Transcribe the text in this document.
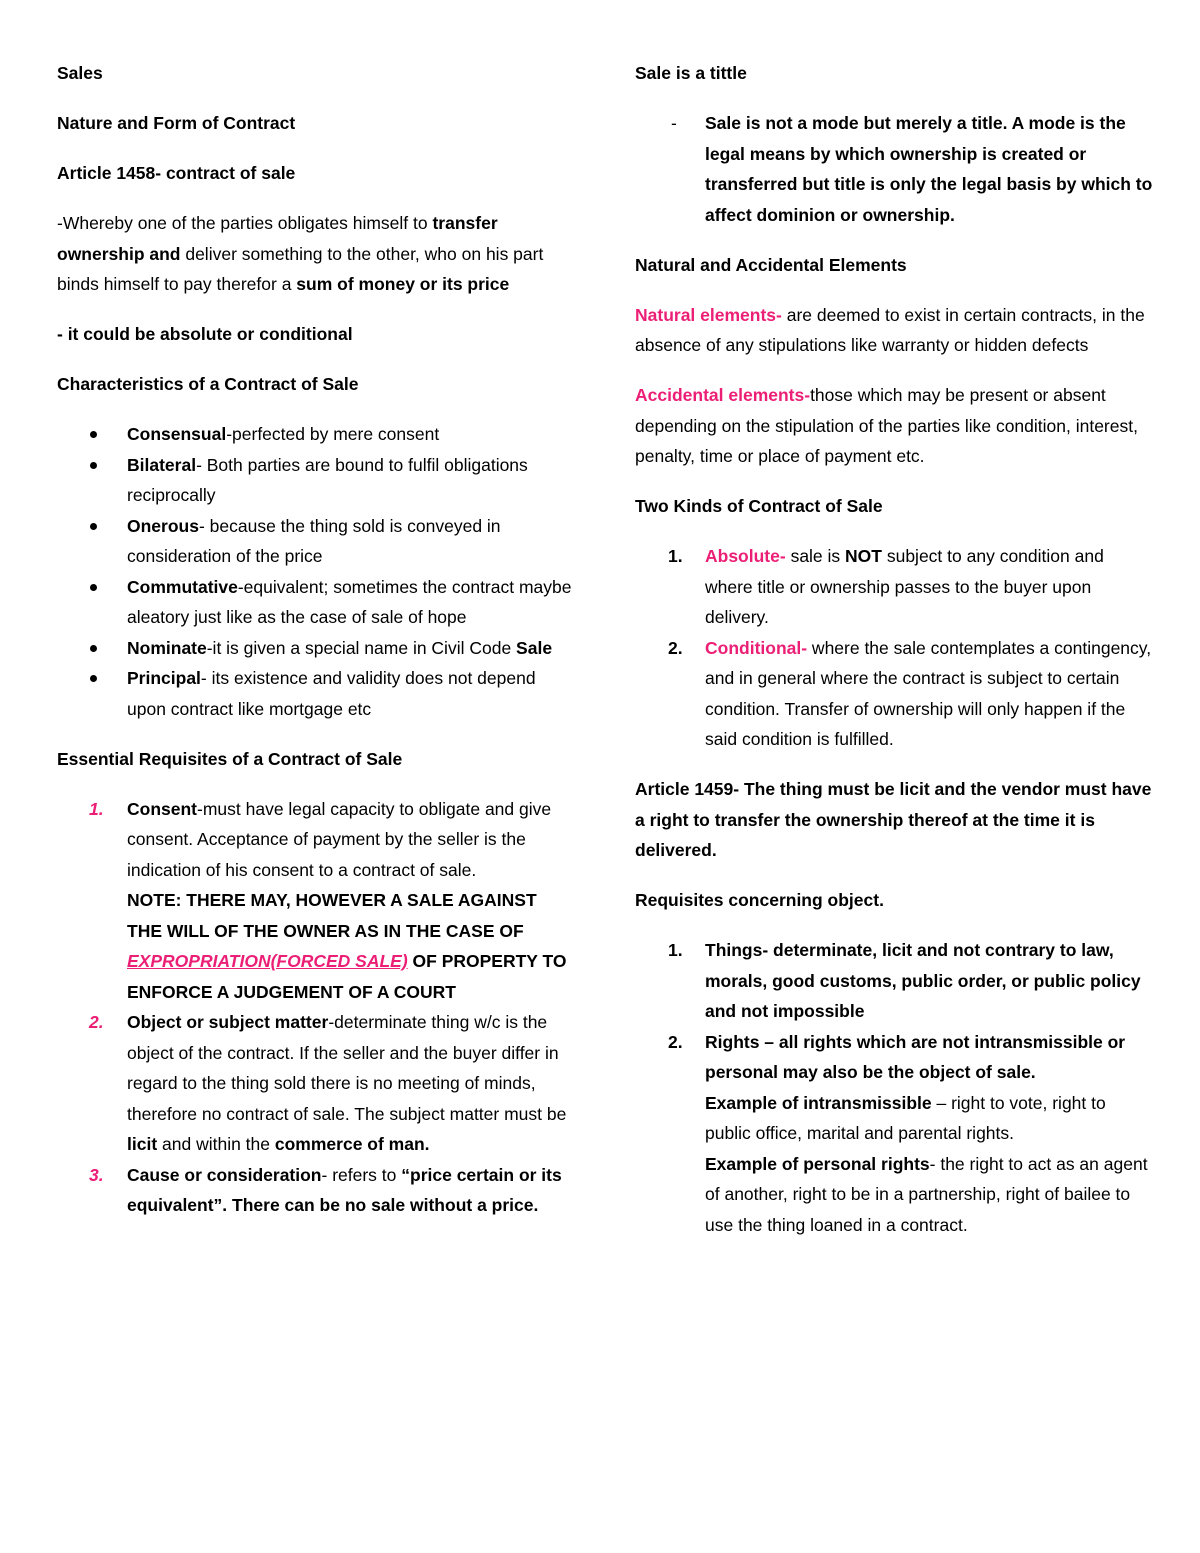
Sales

Nature and Form of Contract

Article 1458- contract of sale

-Whereby one of the parties obligates himself to transfer ownership and deliver something to the other, who on his part binds himself to pay therefor a sum of money or its price

- it could be absolute or conditional

Characteristics of a Contract of Sale

Consensual-perfected by mere consent
Bilateral- Both parties are bound to fulfil obligations reciprocally
Onerous- because the thing sold is conveyed in consideration of the price
Commutative-equivalent; sometimes the contract maybe aleatory just like as the case of sale of hope
Nominate-it is given a special name in Civil Code Sale
Principal- its existence and validity does not depend upon contract like mortgage etc

Essential Requisites of a Contract of Sale

1. Consent-must have legal capacity to obligate and give consent. Acceptance of payment by the seller is the indication of his consent to a contract of sale.
NOTE: THERE MAY, HOWEVER A SALE AGAINST THE WILL OF THE OWNER AS IN THE CASE OF EXPROPRIATION(FORCED SALE) OF PROPERTY TO ENFORCE A JUDGEMENT OF A COURT
2. Object or subject matter-determinate thing w/c is the object of the contract. If the seller and the buyer differ in regard to the thing sold there is no meeting of minds, therefore no contract of sale. The subject matter must be licit and within the commerce of man.
3. Cause or consideration- refers to “price certain or its equivalent”. There can be no sale without a price.

Sale is a tittle

- Sale is not a mode but merely a title. A mode is the legal means by which ownership is created or transferred but title is only the legal basis by which to affect dominion or ownership.

Natural and Accidental Elements

Natural elements- are deemed to exist in certain contracts, in the absence of any stipulations like warranty or hidden defects

Accidental elements-those which may be present or absent depending on the stipulation of the parties like condition, interest, penalty, time or place of payment etc.

Two Kinds of Contract of Sale

1. Absolute- sale is NOT subject to any condition and where title or ownership passes to the buyer upon delivery.
2. Conditional- where the sale contemplates a contingency, and in general where the contract is subject to certain condition. Transfer of ownership will only happen if the said condition is fulfilled.

Article 1459- The thing must be licit and the vendor must have a right to transfer the ownership thereof at the time it is delivered.

Requisites concerning object.

1. Things- determinate, licit and not contrary to law, morals, good customs, public order, or public policy and not impossible
2. Rights – all rights which are not intransmissible or personal may also be the object of sale.
Example of intransmissible – right to vote, right to public office, marital and parental rights.
Example of personal rights- the right to act as an agent of another, right to be in a partnership, right of bailee to use the thing loaned in a contract.
